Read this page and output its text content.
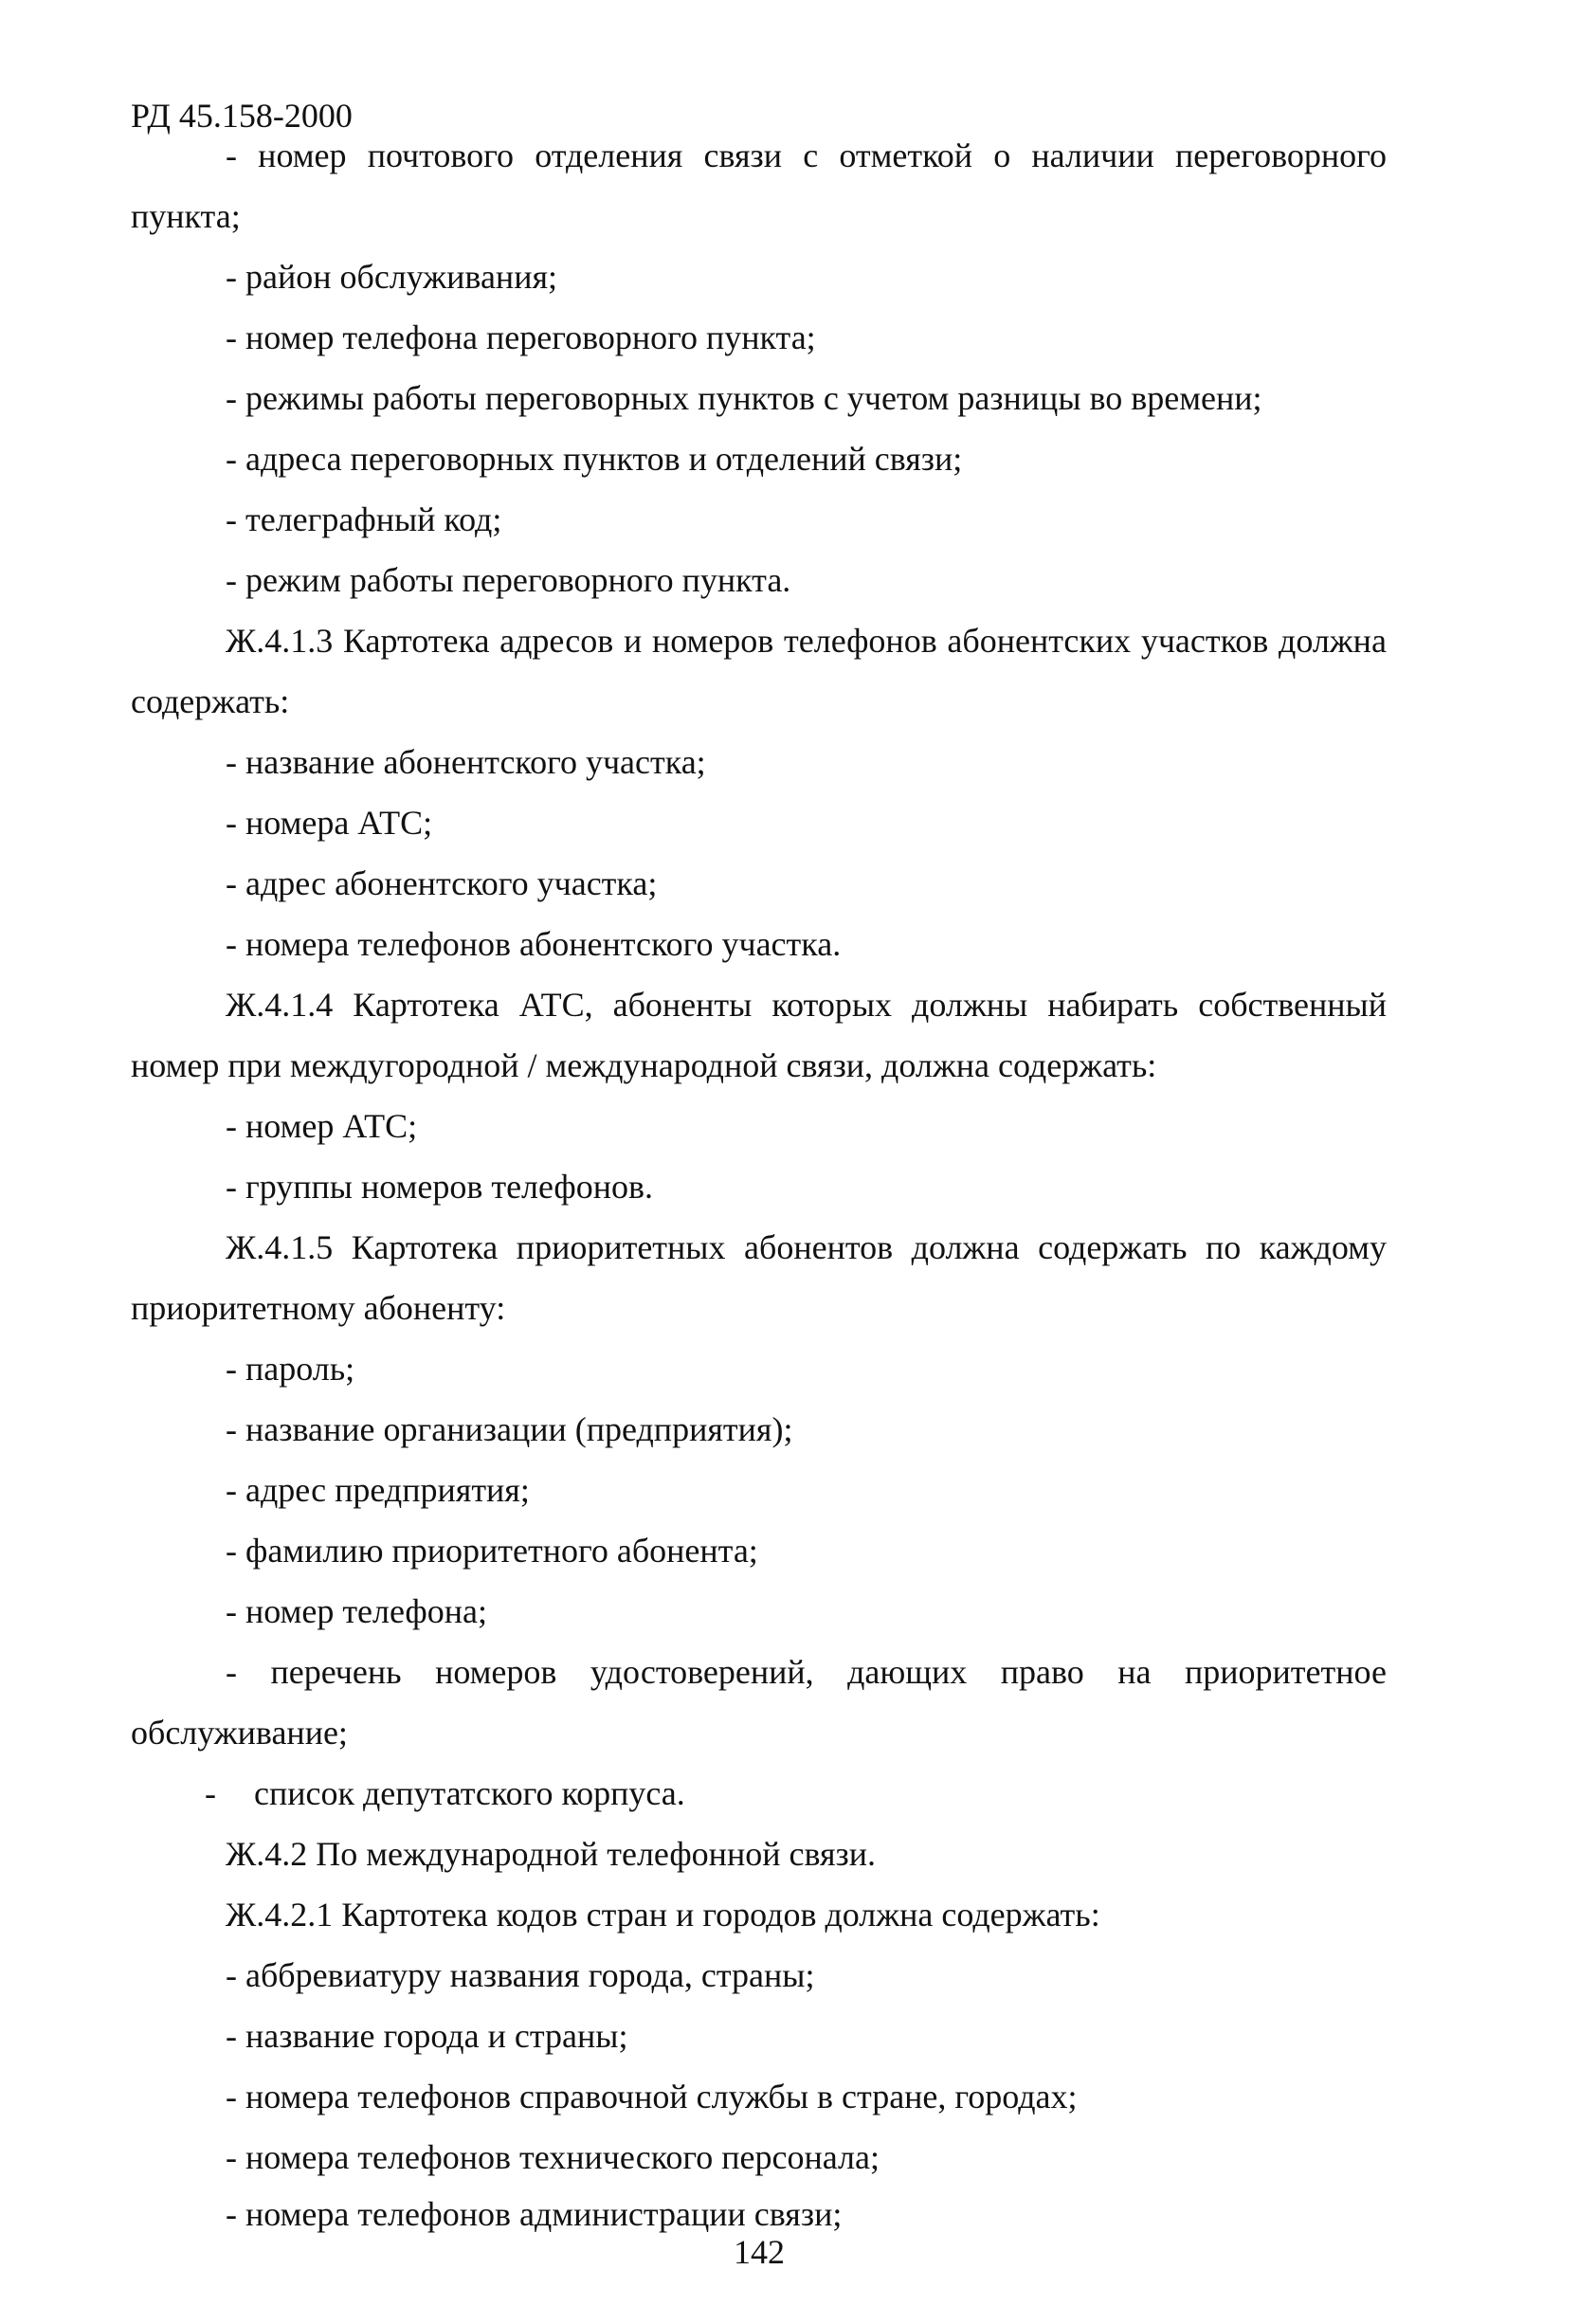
РД 45.158-2000
- номер почтового отделения связи с отметкой о наличии переговорного
пункта;
- район обслуживания;
- номер телефона переговорного пункта;
- режимы работы переговорных пунктов с учетом разницы во времени;
- адреса переговорных пунктов и отделений связи;
- телеграфный код;
- режим работы переговорного пункта.
Ж.4.1.3 Картотека адресов и номеров телефонов абонентских участков должна
содержать:
- название абонентского участка;
- номера АТС;
- адрес абонентского участка;
- номера телефонов абонентского участка.
Ж.4.1.4 Картотека АТС, абоненты которых должны набирать собственный
номер при междугородной / международной связи, должна содержать:
- номер АТС;
- группы номеров телефонов.
Ж.4.1.5 Картотека приоритетных абонентов должна содержать по каждому
приоритетному абоненту:
- пароль;
- название организации (предприятия);
- адрес предприятия;
- фамилию приоритетного абонента;
- номер телефона;
- перечень номеров удостоверений, дающих право на приоритетное
обслуживание;
- список депутатского корпуса.
Ж.4.2 По международной телефонной связи.
Ж.4.2.1 Картотека кодов стран и городов должна содержать:
- аббревиатуру названия города, страны;
- название города и страны;
- номера телефонов справочной службы в стране, городах;
- номера телефонов технического персонала;
- номера телефонов администрации связи;
142
